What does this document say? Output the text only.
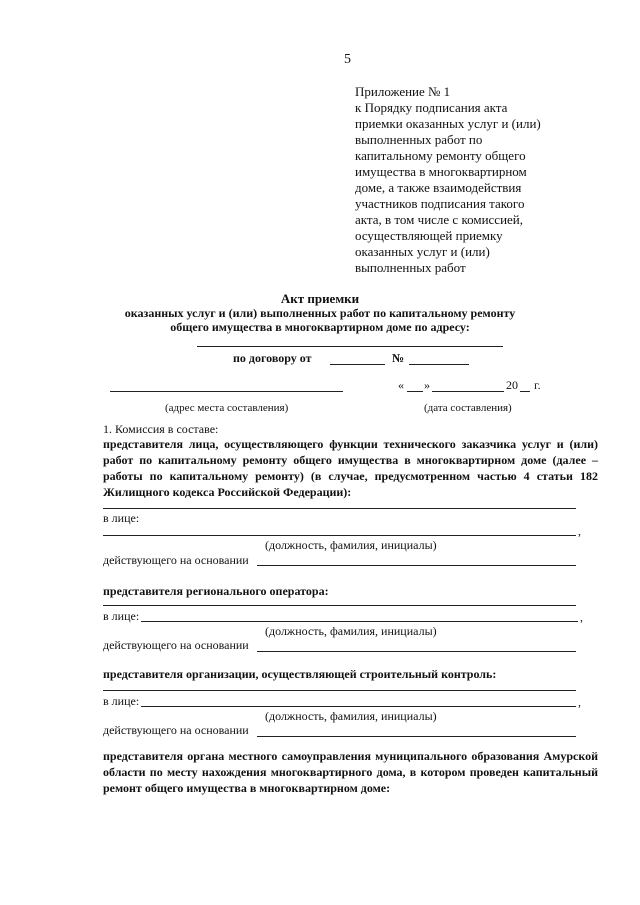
5
Приложение № 1
к Порядку подписания акта
приемки оказанных услуг и (или)
выполненных работ по
капитальному ремонту общего
имущества в многоквартирном
доме, а также взаимодействия
участников подписания такого
акта, в том числе с комиссией,
осуществляющей приемку
оказанных услуг и (или)
выполненных работ
Акт приемки
оказанных услуг и (или) выполненных работ по капитальному ремонту
общего имущества в многоквартирном доме по адресу:
по договору от	№
« »	20 г.
(адрес места составления)	(дата составления)
1. Комиссия в составе:
представителя лица, осуществляющего функции технического заказчика услуг и (или) работ по капитальному ремонту общего имущества в многоквартирном доме (далее – работы по капитальному ремонту) (в случае, предусмотренном частью 4 статьи 182 Жилищного кодекса Российской Федерации):
в лице:
,
(должность, фамилия, инициалы)
действующего на основании
представителя регионального оператора:
в лице:	,
(должность, фамилия, инициалы)
действующего на основании
представителя организации, осуществляющей строительный контроль:
в лице:	,
(должность, фамилия, инициалы)
действующего на основании
представителя органа местного самоуправления муниципального образования Амурской области по месту нахождения многоквартирного дома, в котором проведен капитальный ремонт общего имущества в многоквартирном доме:
